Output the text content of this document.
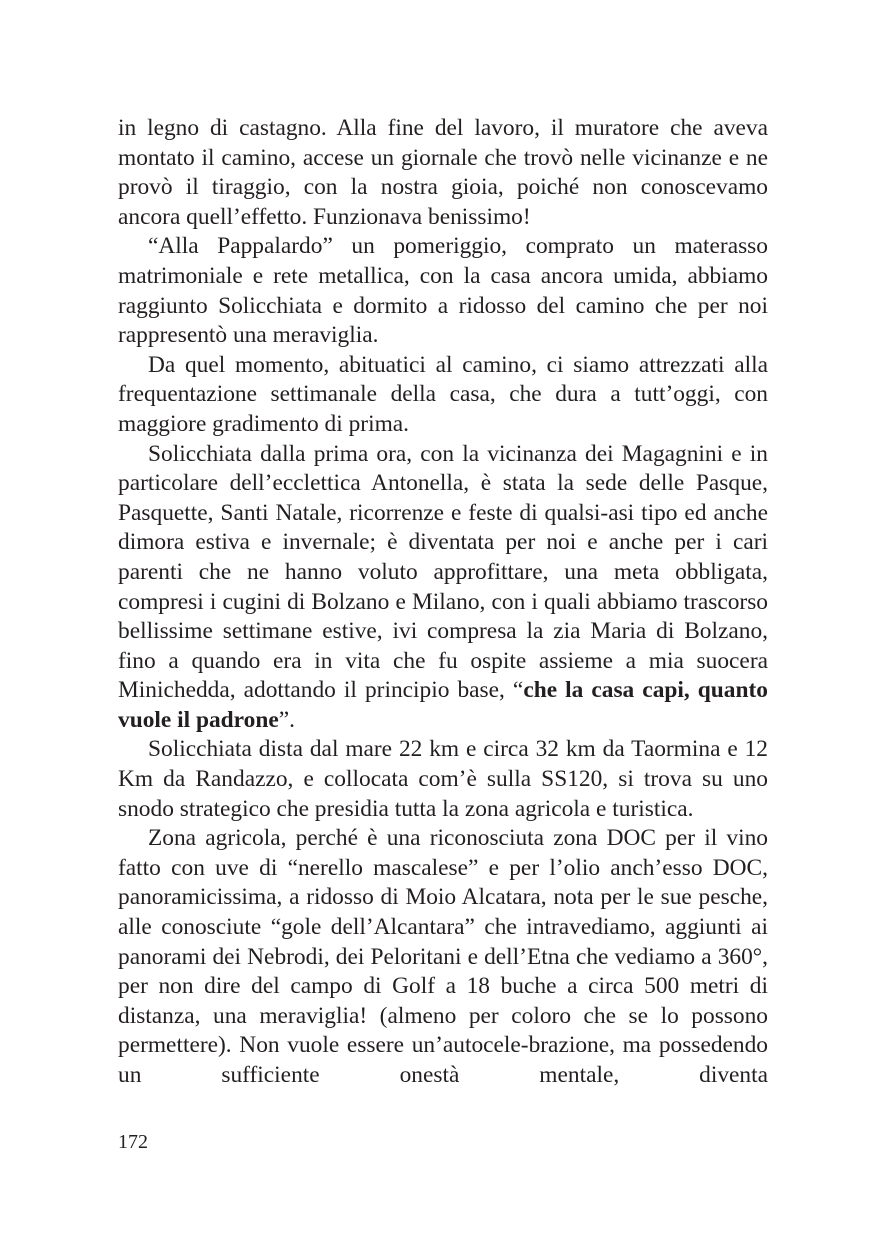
in legno di castagno. Alla fine del lavoro, il muratore che aveva montato il camino, accese un giornale che trovò nelle vicinanze e ne provò il tiraggio, con la nostra gioia, poiché non conoscevamo ancora quell’effetto. Funzionava benissimo!

“Alla Pappalardo” un pomeriggio, comprato un materasso matrimoniale e rete metallica, con la casa ancora umida, abbiamo raggiunto Solicchiata e dormito a ridosso del camino che per noi rappresentò una meraviglia.

Da quel momento, abituatici al camino, ci siamo attrezzati alla frequentazione settimanale della casa, che dura a tutt’oggi, con maggiore gradimento di prima.

Solicchiata dalla prima ora, con la vicinanza dei Magagnini e in particolare dell’ecclettica Antonella, è stata la sede delle Pasque, Pasquette, Santi Natale, ricorrenze e feste di qualsi-asi tipo ed anche dimora estiva e invernale; è diventata per noi e anche per i cari parenti che ne hanno voluto approfittare, una meta obbligata, compresi i cugini di Bolzano e Milano, con i quali abbiamo trascorso bellissime settimane estive, ivi compresa la zia Maria di Bolzano, fino a quando era in vita che fu ospite assieme a mia suocera Minichedda, adottando il principio base, “che la casa capi, quanto vuole il padrone”.

Solicchiata dista dal mare 22 km e circa 32 km da Taormina e 12 Km da Randazzo, e collocata com’è sulla SS120, si trova su uno snodo strategico che presidia tutta la zona agricola e turistica.

Zona agricola, perché è una riconosciuta zona DOC per il vino fatto con uve di “nerello mascalese” e per l’olio anch’esso DOC, panoramicissima, a ridosso di Moio Alcatara, nota per le sue pesche, alle conosciute “gole dell’Alcantara” che intravediamo, aggiunti ai panorami dei Nebrodi, dei Peloritani e dell’Etna che vediamo a 360°, per non dire del campo di Golf a 18 buche a circa 500 metri di distanza, una meraviglia! (almeno per coloro che se lo possono permettere). Non vuole essere un’autocele-brazione, ma possedendo un sufficiente onestà mentale, diventa

172
